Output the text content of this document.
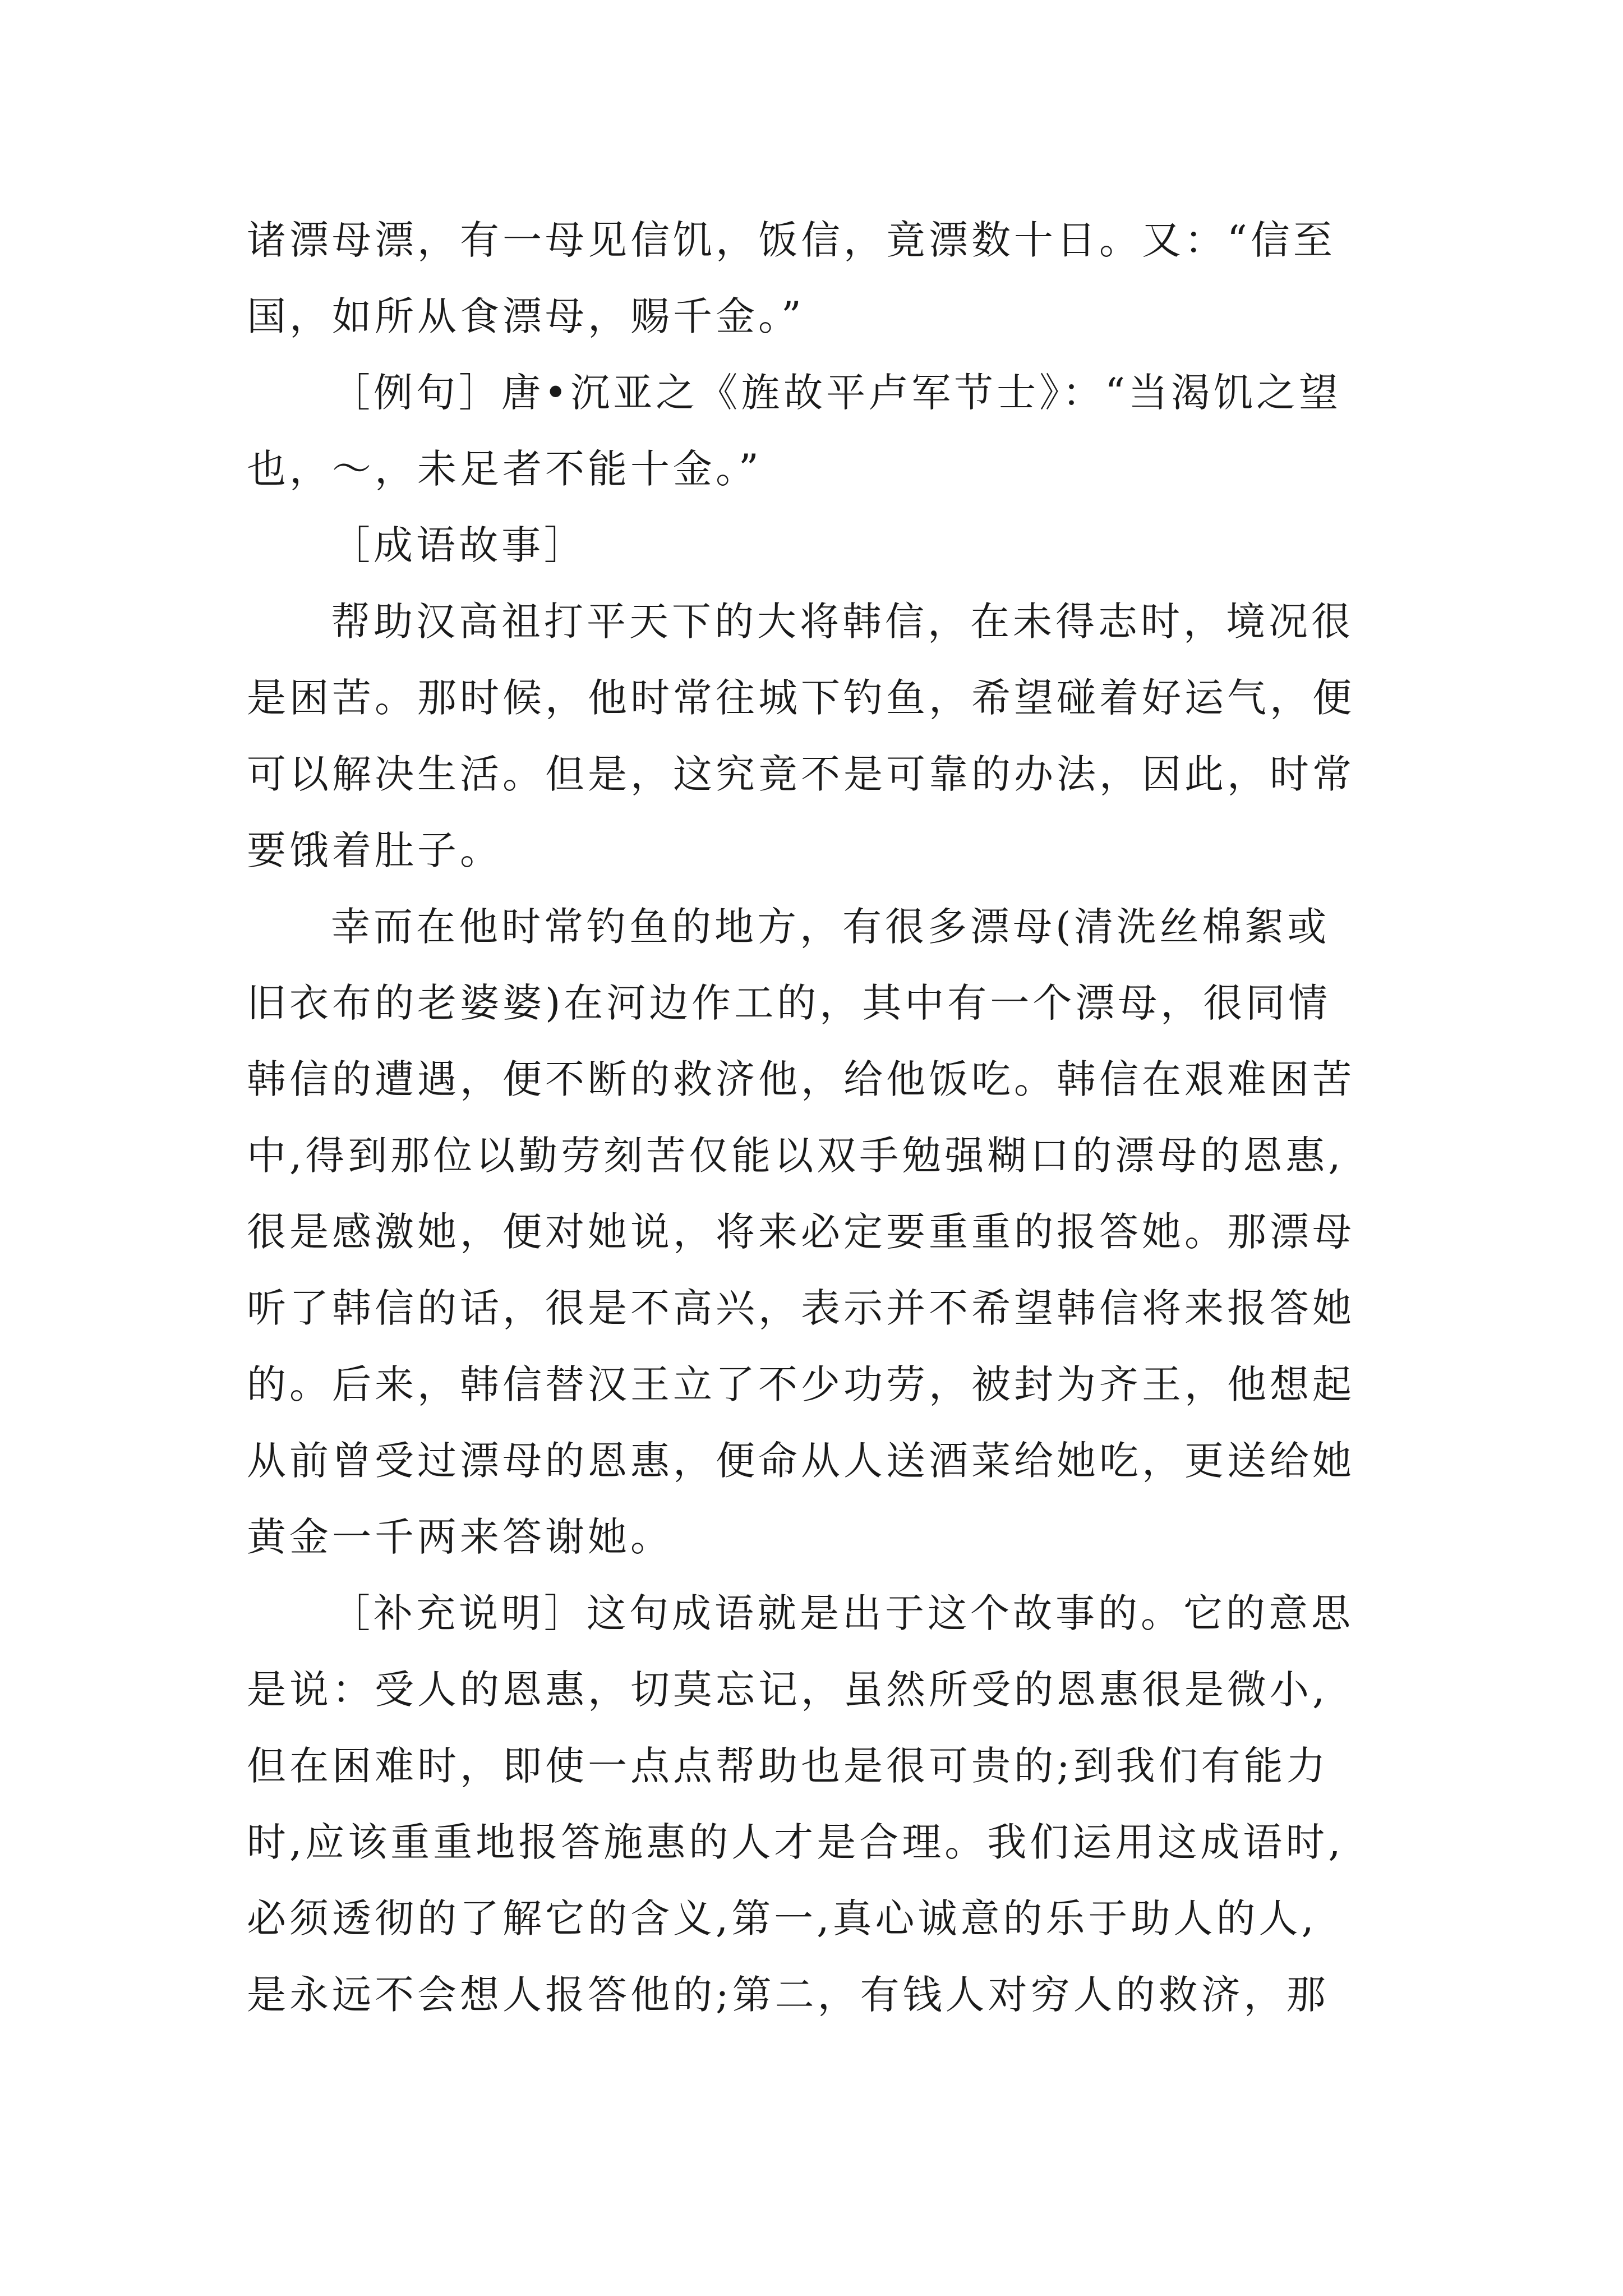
诸漂母漂，有一母见信饥，饭信，竟漂数十日。又：“信至
国，如所从食漂母，赐千金。”
［例句］唐•沉亚之《旌故平卢军节士》：“当渴饥之望
也，～，未足者不能十金。”
［成语故事］
帮助汉高祖打平天下的大将韩信，在未得志时，境况很
是困苦。那时候，他时常往城下钓鱼，希望碰着好运气，便
可以解决生活。但是，这究竟不是可靠的办法，因此，时常
要饿着肚子。
幸而在他时常钓鱼的地方，有很多漂母(清洗丝棉絮或
旧衣布的老婆婆)在河边作工的，其中有一个漂母，很同情
韩信的遭遇，便不断的救济他，给他饭吃。韩信在艰难困苦
中,得到那位以勤劳刻苦仅能以双手勉强糊口的漂母的恩惠,
很是感激她，便对她说，将来必定要重重的报答她。那漂母
听了韩信的话，很是不高兴，表示并不希望韩信将来报答她
的。后来，韩信替汉王立了不少功劳，被封为齐王，他想起
从前曾受过漂母的恩惠，便命从人送酒菜给她吃，更送给她
黄金一千两来答谢她。
［补充说明］这句成语就是出于这个故事的。它的意思
是说：受人的恩惠，切莫忘记，虽然所受的恩惠很是微小,
但在困难时，即使一点点帮助也是很可贵的;到我们有能力
时,应该重重地报答施惠的人才是合理。我们运用这成语时,
必须透彻的了解它的含义,第一,真心诚意的乐于助人的人,
是永远不会想人报答他的;第二，有钱人对穷人的救济，那
